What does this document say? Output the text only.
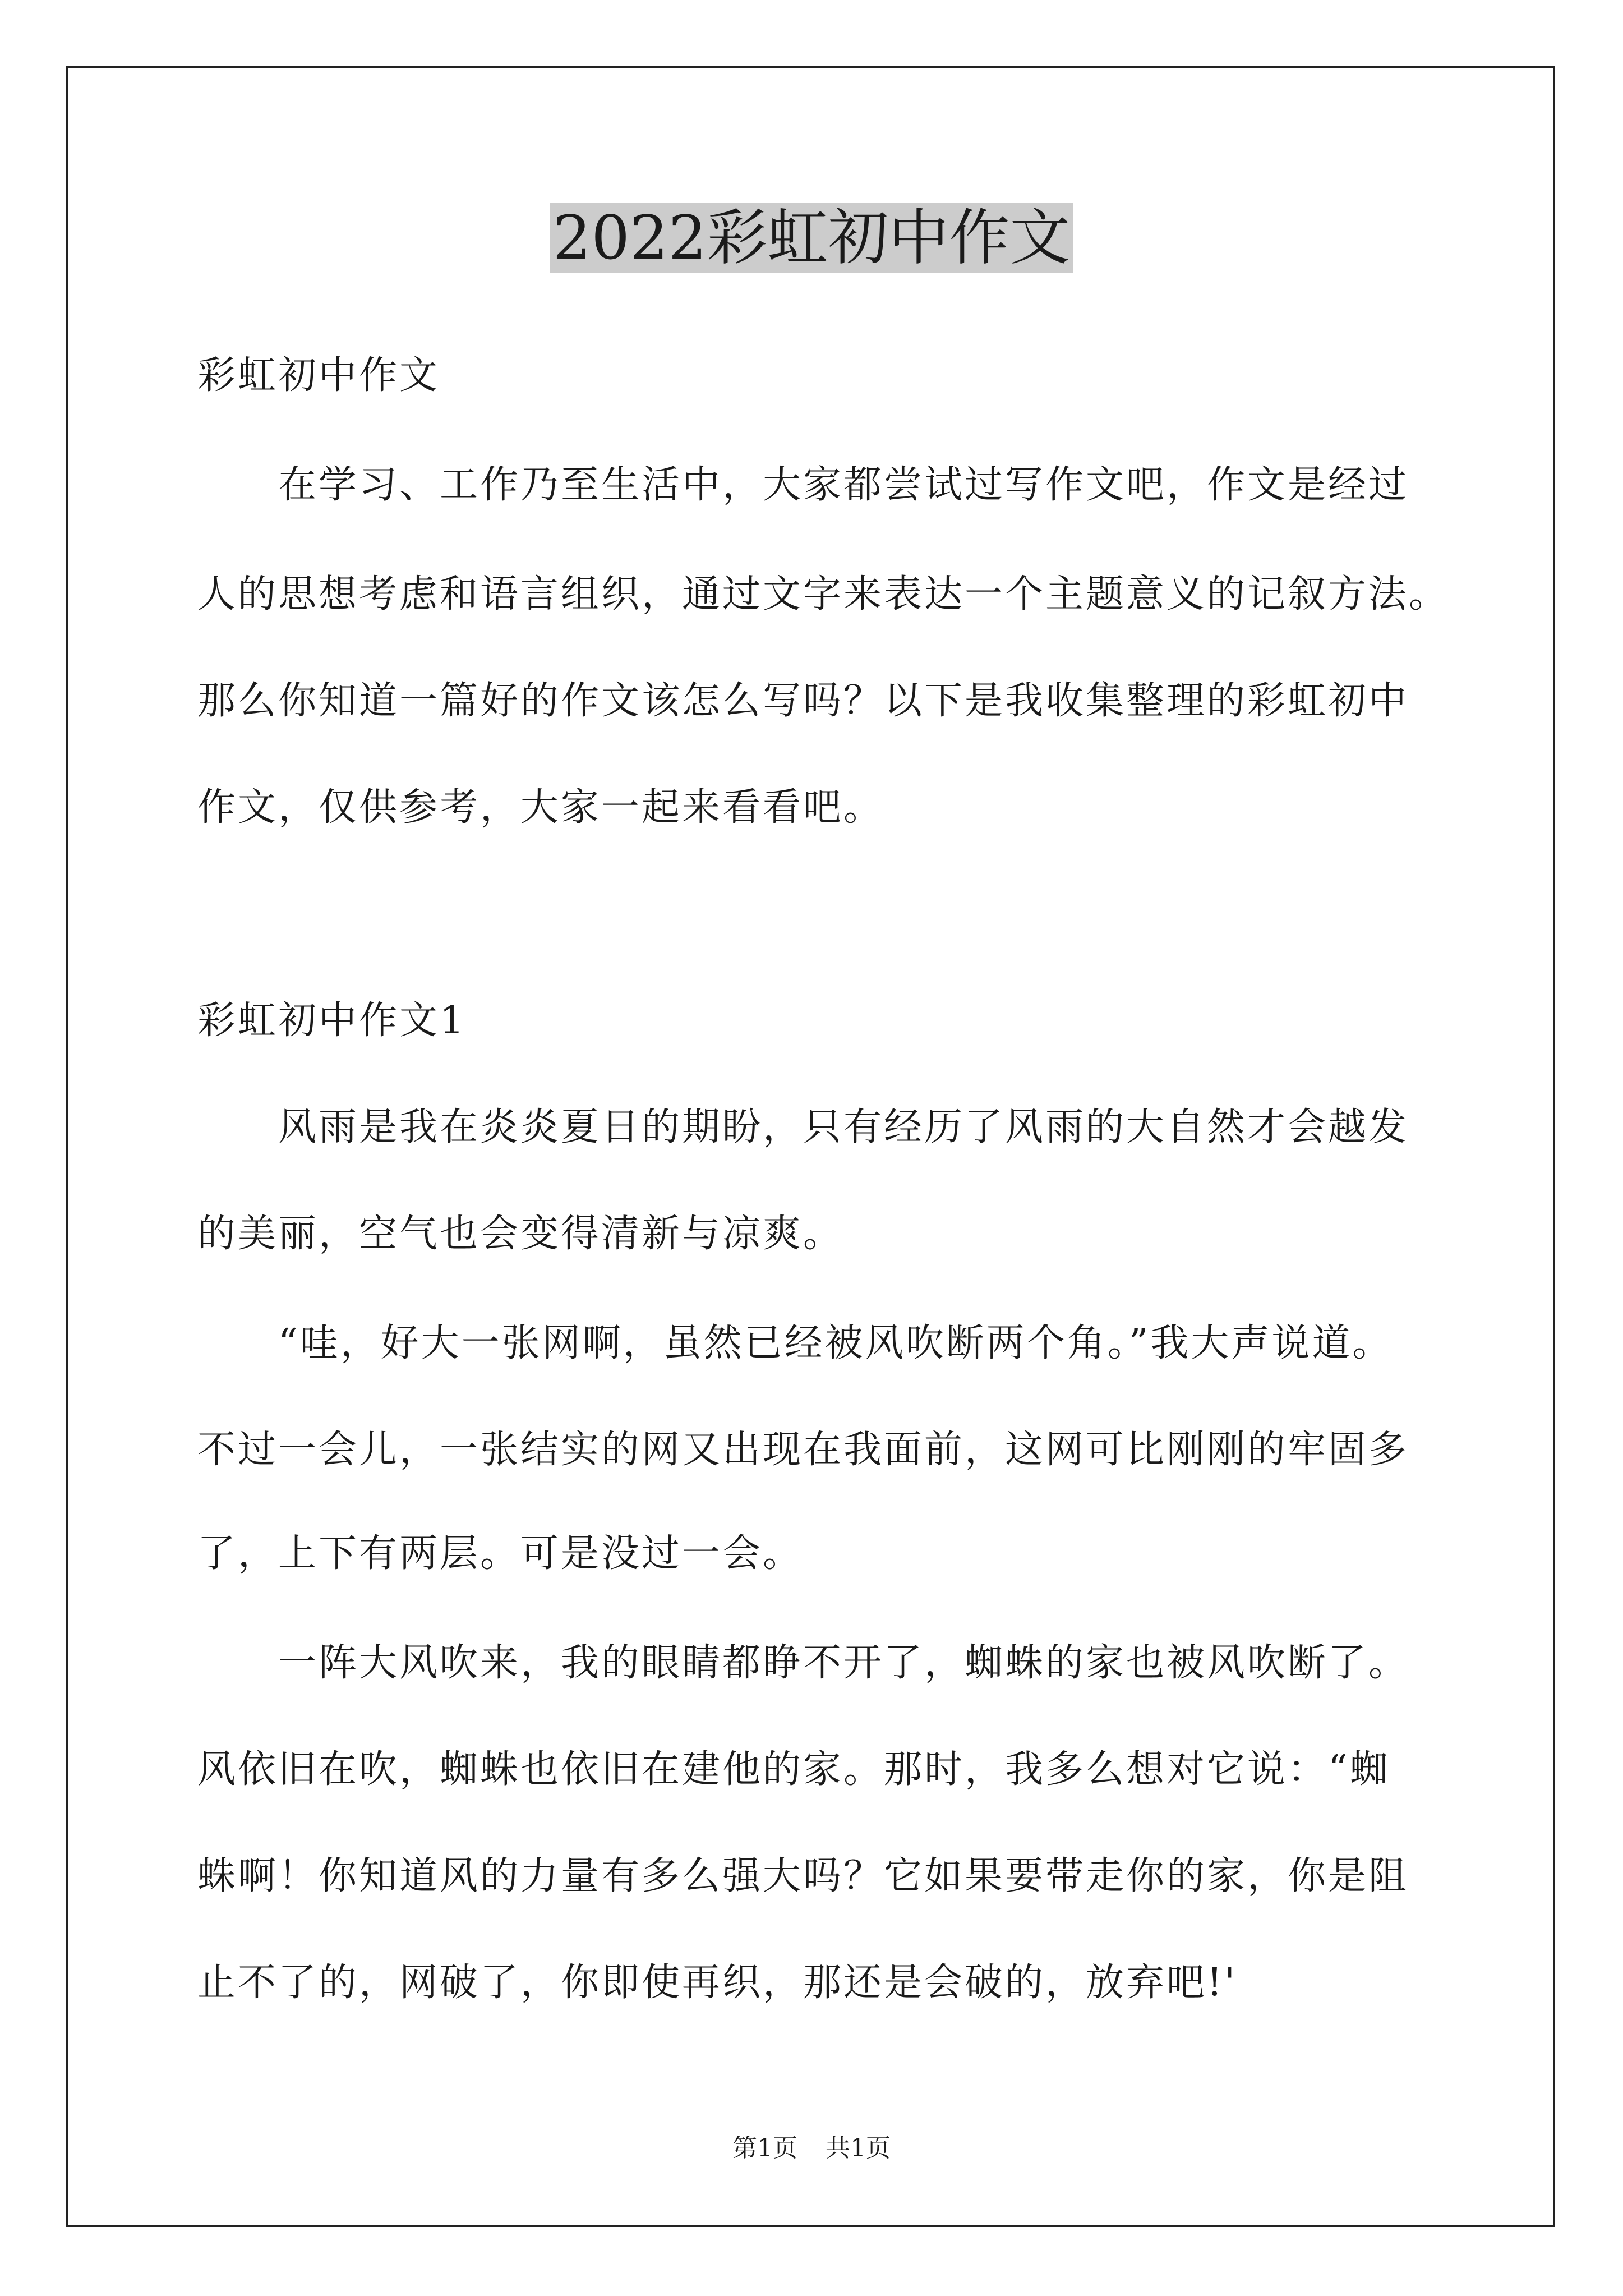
2022彩虹初中作文
彩虹初中作文
在学习、工作乃至生活中，大家都尝试过写作文吧，作文是经过
人的思想考虑和语言组织，通过文字来表达一个主题意义的记叙方法。
那么你知道一篇好的作文该怎么写吗？以下是我收集整理的彩虹初中
作文，仅供参考，大家一起来看看吧。
彩虹初中作文1
风雨是我在炎炎夏日的期盼，只有经历了风雨的大自然才会越发
的美丽，空气也会变得清新与凉爽。
“哇，好大一张网啊，虽然已经被风吹断两个角。”我大声说道。
不过一会儿，一张结实的网又出现在我面前，这网可比刚刚的牢固多
了，上下有两层。可是没过一会。
一阵大风吹来，我的眼睛都睁不开了，蜘蛛的家也被风吹断了。
风依旧在吹，蜘蛛也依旧在建他的家。那时，我多么想对它说：“蜘
蛛啊！你知道风的力量有多么强大吗？它如果要带走你的家，你是阻
止不了的，网破了，你即使再织，那还是会破的，放弃吧!'
第1页 共1页
